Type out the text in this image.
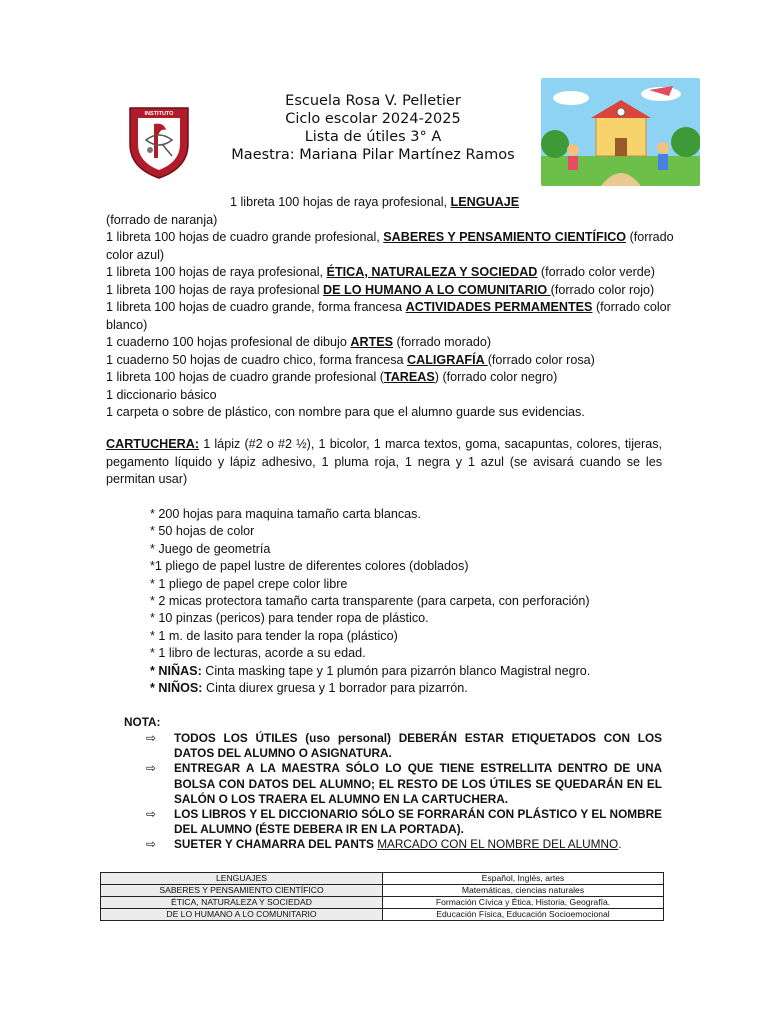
INSTITUTO
Escuela Rosa V. Pelletier
Ciclo escolar 2024-2025
Lista de útiles 3° A
Maestra: Mariana Pilar Martínez Ramos
1 libreta 100 hojas de raya profesional, LENGUAJE
(forrado de naranja)
1 libreta 100 hojas de cuadro grande profesional, SABERES Y PENSAMIENTO CIENTÍFICO (forrado
color azul)
1 libreta 100 hojas de raya profesional, ÉTICA, NATURALEZA Y SOCIEDAD (forrado color verde)
1 libreta 100 hojas de raya profesional DE LO HUMANO A LO COMUNITARIO (forrado color rojo)
1 libreta 100 hojas de cuadro grande, forma francesa ACTIVIDADES PERMAMENTES (forrado color
blanco)
1 cuaderno 100 hojas profesional de dibujo ARTES (forrado morado)
1 cuaderno 50 hojas de cuadro chico, forma francesa CALIGRAFÍA (forrado color rosa)
1 libreta 100 hojas de cuadro grande profesional (TAREAS) (forrado color negro)
1 diccionario básico
1 carpeta o sobre de plástico, con nombre para que el alumno guarde sus evidencias.
CARTUCHERA: 1 lápiz (#2 o #2 ½), 1 bicolor, 1 marca textos, goma, sacapuntas, colores, tijeras, pegamento líquido y lápiz adhesivo, 1 pluma roja, 1 negra y 1 azul (se avisará cuando se les permitan usar)
* 200 hojas para maquina tamaño carta blancas.
* 50 hojas de color
* Juego de geometría
*1 pliego de papel lustre de diferentes colores (doblados)
* 1 pliego de papel crepe color libre
* 2 micas protectora tamaño carta transparente (para carpeta, con perforación)
* 10 pinzas (pericos) para tender ropa de plástico.
* 1 m. de lasito para tender la ropa (plástico)
* 1 libro de lecturas, acorde a su edad.
* NIÑAS: Cinta masking tape y 1 plumón para pizarrón blanco Magistral negro.
* NIÑOS: Cinta diurex gruesa y 1 borrador para pizarrón.
NOTA:
⇨ TODOS LOS ÚTILES (uso personal) DEBERÁN ESTAR ETIQUETADOS CON LOS DATOS DEL ALUMNO O ASIGNATURA.
⇨ ENTREGAR A LA MAESTRA SÓLO LO QUE TIENE ESTRELLITA DENTRO DE UNA BOLSA CON DATOS DEL ALUMNO; EL RESTO DE LOS ÚTILES SE QUEDARÁN EN EL SALÓN O LOS TRAERA EL ALUMNO EN LA CARTUCHERA.
⇨ LOS LIBROS Y EL DICCIONARIO SÓLO SE FORRARÁN CON PLÁSTICO Y EL NOMBRE DEL ALUMNO (ÉSTE DEBERA IR EN LA PORTADA).
⇨ SUETER Y CHAMARRA DEL PANTS MARCADO CON EL NOMBRE DEL ALUMNO.
LENGUAJES	Español, Inglés, artes
SABERES Y PENSAMIENTO CIENTÍFICO	Matemáticas, ciencias naturales
ÉTICA, NATURALEZA Y SOCIEDAD	Formación Cívica y Ética, Historia, Geografía.
DE LO HUMANO A LO COMUNITARIO	Educación Física, Educación Socioemocional
